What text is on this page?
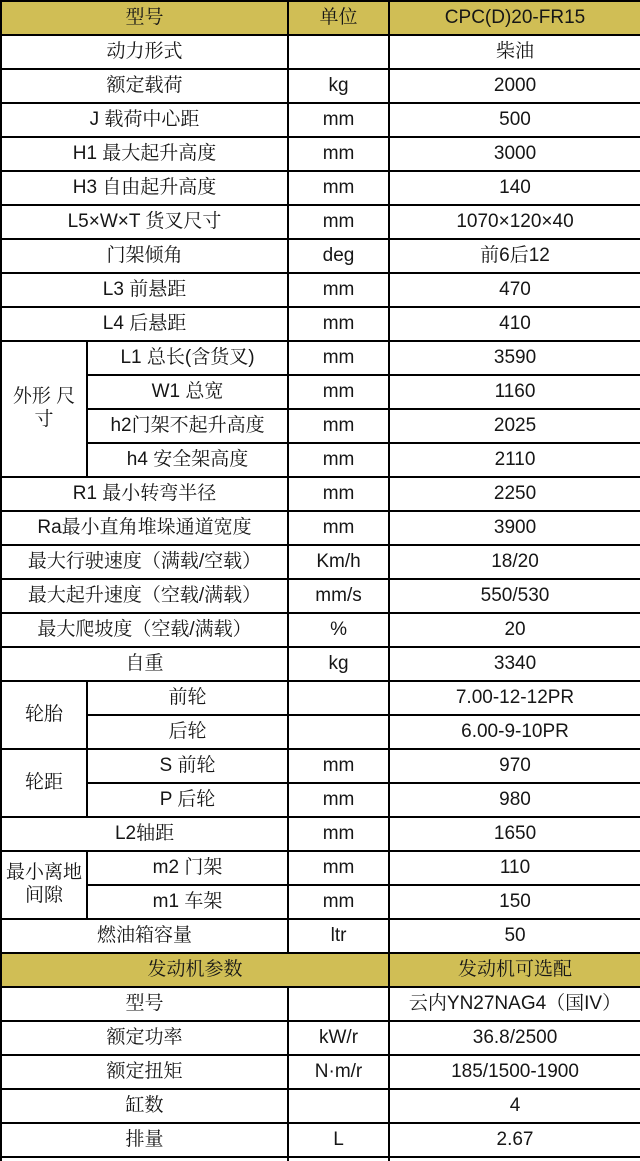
型号		单位	CPC(D)20-FR15
动力形式			柴油
额定载荷		kg	2000
J 载荷中心距		mm	500
H1 最大起升高度		mm	3000
H3 自由起升高度		mm	140
L5×W×T 货叉尺寸		mm	1070×120×40
门架倾角		deg	前6后12
L3 前悬距		mm	470
L4 后悬距		mm	410
外形 尺寸	L1 总长(含货叉)	mm	3590
	W1 总宽	mm	1160
	h2门架不起升高度	mm	2025
	h4 安全架高度	mm	2110
R1 最小转弯半径		mm	2250
Ra最小直角堆垛通道宽度		mm	3900
最大行驶速度（满载/空载）		Km/h	18/20
最大起升速度（空载/满载）		mm/s	550/530
最大爬坡度（空载/满载）		%	20
自重		kg	3340
轮胎	前轮		7.00-12-12PR
	后轮		6.00-9-10PR
轮距	S 前轮	mm	970
	P 后轮	mm	980
L2轴距		mm	1650
最小离地间隙	m2 门架	mm	110
	m1 车架	mm	150
燃油箱容量		ltr	50
发动机参数			发动机可选配
型号			云内YN27NAG4（国IV）
额定功率		kW/r	36.8/2500
额定扭矩		N·m/r	185/1500-1900
缸数			4
排量		L	2.67
